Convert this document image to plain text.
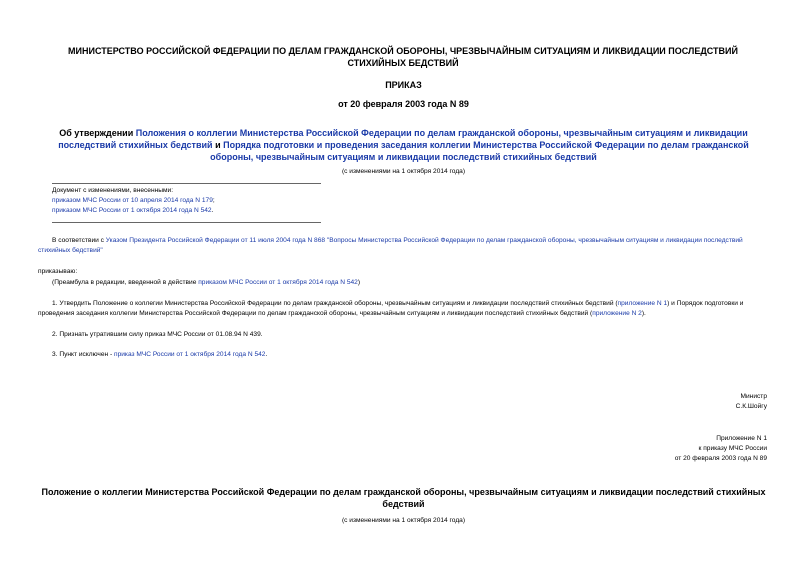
МИНИСТЕРСТВО РОССИЙСКОЙ ФЕДЕРАЦИИ ПО ДЕЛАМ ГРАЖДАНСКОЙ ОБОРОНЫ, ЧРЕЗВЫЧАЙНЫМ СИТУАЦИЯМ И ЛИКВИДАЦИИ ПОСЛЕДСТВИЙ СТИХИЙНЫХ БЕДСТВИЙ
ПРИКАЗ
от 20 февраля 2003 года N 89
Об утверждении Положения о коллегии Министерства Российской Федерации по делам гражданской обороны, чрезвычайным ситуациям и ликвидации последствий стихийных бедствий и Порядка подготовки и проведения заседания коллегии Министерства Российской Федерации по делам гражданской обороны, чрезвычайным ситуациям и ликвидации последствий стихийных бедствий
(с изменениями на 1 октября 2014 года)
Документ с изменениями, внесенными:
приказом МЧС России от 10 апреля 2014 года N 179;
приказом МЧС России от 1 октября 2014 года N 542.
В соответствии с Указом Президента Российской Федерации от 11 июля 2004 года N 868 "Вопросы Министерства Российской Федерации по делам гражданской обороны, чрезвычайным ситуациям и ликвидации последствий стихийных бедствий"
приказываю:
(Преамбула в редакции, введенной в действие приказом МЧС России от 1 октября 2014 года N 542)
1. Утвердить Положение о коллегии Министерства Российской Федерации по делам гражданской обороны, чрезвычайным ситуациям и ликвидации последствий стихийных бедствий (приложение N 1) и Порядок подготовки и проведения заседания коллегии Министерства Российской Федерации по делам гражданской обороны, чрезвычайным ситуациям и ликвидации последствий стихийных бедствий (приложение N 2).
2. Признать утратившим силу приказ МЧС России от 01.08.94 N 439.
3. Пункт исключен - приказ МЧС России от 1 октября 2014 года N 542.
Министр
С.К.Шойгу
Приложение N 1
к приказу МЧС России
от 20 февраля 2003 года N 89
Положение о коллегии Министерства Российской Федерации по делам гражданской обороны, чрезвычайным ситуациям и ликвидации последствий стихийных бедствий
(с изменениями на 1 октября 2014 года)
